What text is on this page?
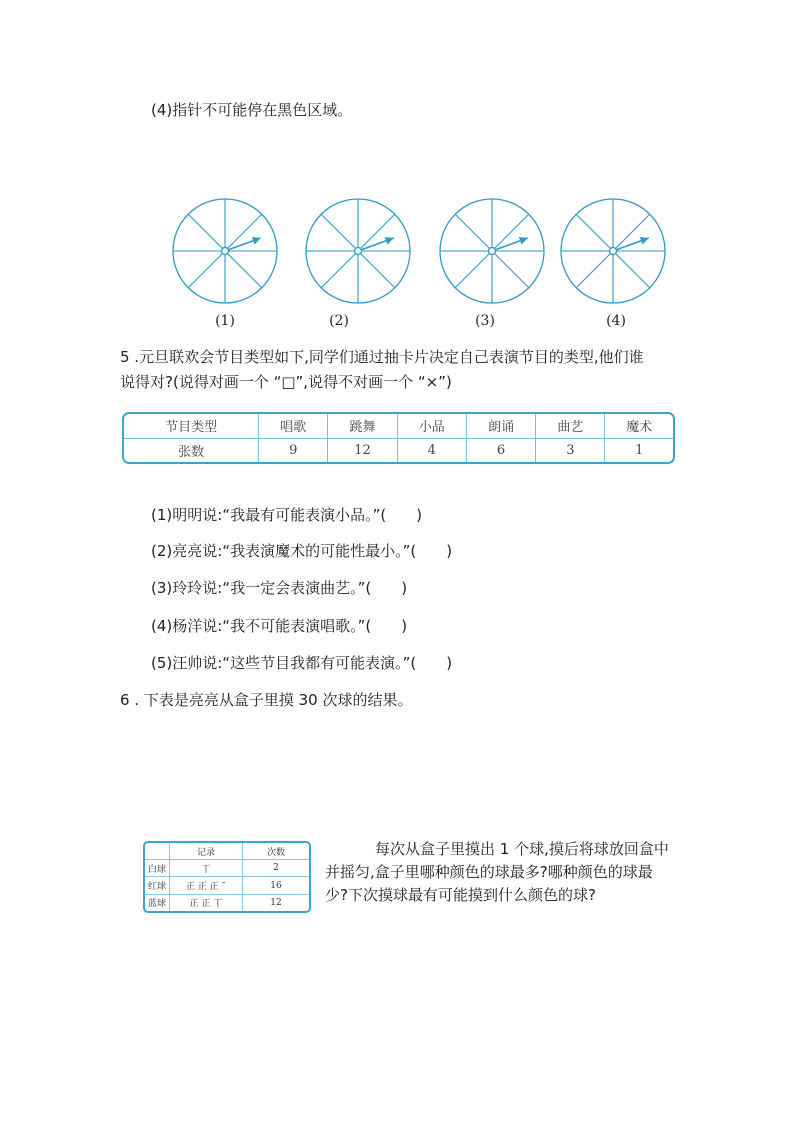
(4)指针不可能停在黑色区域。
(1)	(2)	(3)	(4)
5 .元旦联欢会节目类型如下,同学们通过抽卡片决定自己表演节目的类型,他们谁
说得对?(说得对画一个 “□”,说得不对画一个 “×”)
节目类型	唱歌	跳舞	小品	朗诵	曲艺	魔术
张数	9	12	4	6	3	1
(1)明明说:“我最有可能表演小品。”(　　)
(2)亮亮说:“我表演魔术的可能性最小。”(　　)
(3)玲玲说:“我一定会表演曲艺。”(　　)
(4)杨洋说:“我不可能表演唱歌。”(　　)
(5)汪帅说:“这些节目我都有可能表演。”(　　)
6 . 下表是亮亮从盒子里摸 30 次球的结果。
	记录	次数
白球	丅	2
红球	正 正 正 ¯	16
蓝球	正 正 丅	12
每次从盒子里摸出 1 个球,摸后将球放回盒中并摇匀,盒子里哪种颜色的球最多?哪种颜色的球最少?下次摸球最有可能摸到什么颜色的球?
